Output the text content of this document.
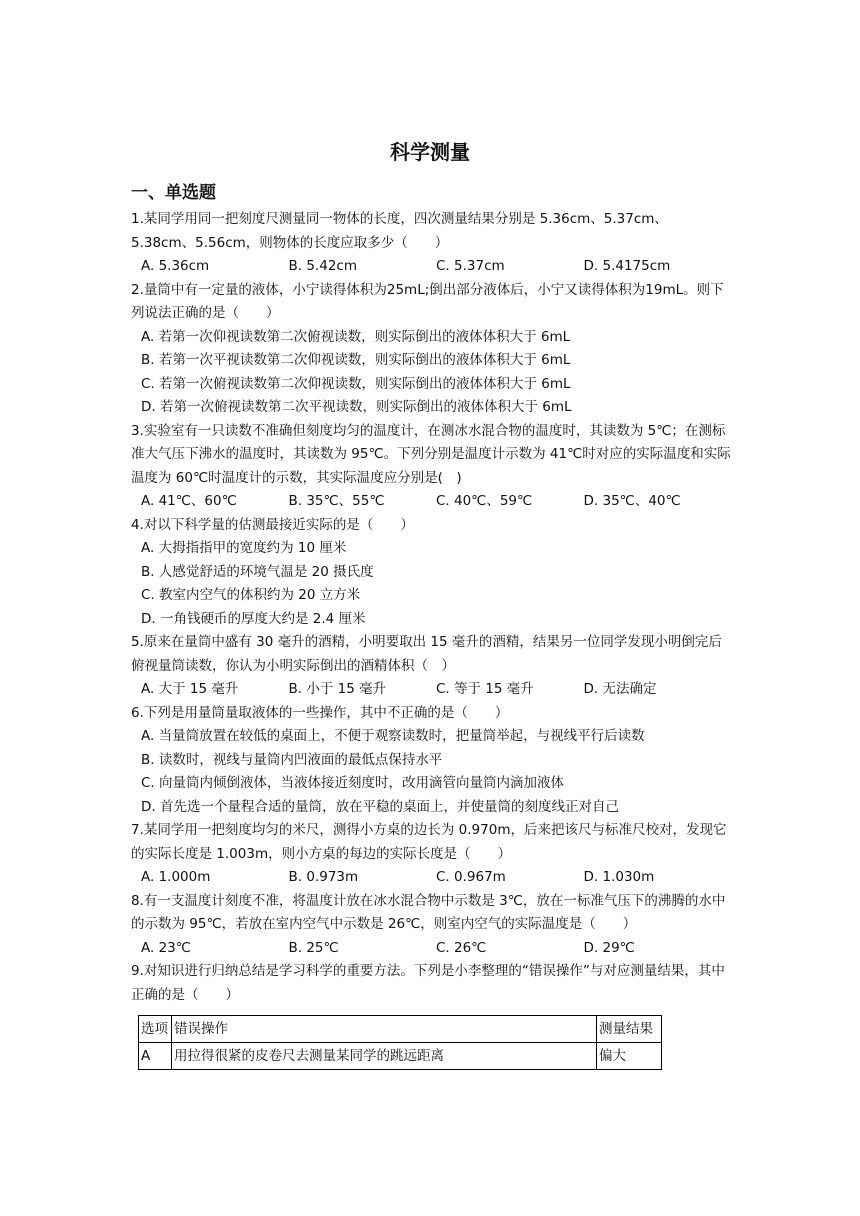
科学测量
一、单选题
1.某同学用同一把刻度尺测量同一物体的长度，四次测量结果分别是 5.36cm、5.37cm、5.38cm、5.56cm，则物体的长度应取多少（　　）
A. 5.36cm	B. 5.42cm	C. 5.37cm	D. 5.4175cm
2.量筒中有一定量的液体，小宁读得体积为25mL;倒出部分液体后，小宁又读得体积为19mL。则下列说法正确的是（　　）
A. 若第一次仰视读数第二次俯视读数，则实际倒出的液体体积大于 6mL
B. 若第一次平视读数第二次仰视读数，则实际倒出的液体体积大于 6mL
C. 若第一次俯视读数第二次仰视读数，则实际倒出的液体体积大于 6mL
D. 若第一次俯视读数第二次平视读数，则实际倒出的液体体积大于 6mL
3.实验室有一只读数不准确但刻度均匀的温度计，在测冰水混合物的温度时，其读数为 5℃；在测标准大气压下沸水的温度时，其读数为 95℃。下列分别是温度计示数为 41℃时对应的实际温度和实际温度为 60℃时温度计的示数，其实际温度应分别是(　)
A. 41℃、60℃	B. 35℃、55℃	C. 40℃、59℃	D. 35℃、40℃
4.对以下科学量的估测最接近实际的是（　　）
A. 大拇指指甲的宽度约为 10 厘米
B. 人感觉舒适的环境气温是 20 摄氏度
C. 教室内空气的体积约为 20 立方米
D. 一角钱硬币的厚度大约是 2.4 厘米
5.原来在量筒中盛有 30 毫升的酒精，小明要取出 15 毫升的酒精，结果另一位同学发现小明倒完后俯视量筒读数，你认为小明实际倒出的酒精体积（　）
A. 大于 15 毫升	B. 小于 15 毫升	C. 等于 15 毫升	D. 无法确定
6.下列是用量筒量取液体的一些操作，其中不正确的是（　　）
A. 当量筒放置在较低的桌面上，不便于观察读数时，把量筒举起，与视线平行后读数
B. 读数时，视线与量筒内凹液面的最低点保持水平
C. 向量筒内倾倒液体，当液体接近刻度时，改用滴管向量筒内滴加液体
D. 首先选一个量程合适的量筒，放在平稳的桌面上，并使量筒的刻度线正对自己
7.某同学用一把刻度均匀的米尺，测得小方桌的边长为 0.970m，后来把该尺与标准尺校对，发现它的实际长度是 1.003m，则小方桌的每边的实际长度是（　　）
A. 1.000m	B. 0.973m	C. 0.967m	D. 1.030m
8.有一支温度计刻度不准，将温度计放在冰水混合物中示数是 3℃，放在一标准气压下的沸腾的水中的示数为 95℃，若放在室内空气中示数是 26℃，则室内空气的实际温度是（　　）
A. 23℃	B. 25℃	C. 26℃	D. 29℃
9.对知识进行归纳总结是学习科学的重要方法。下列是小李整理的“错误操作”与对应测量结果，其中正确的是（　　）
选项	错误操作	测量结果
A	用拉得很紧的皮卷尺去测量某同学的跳远距离	偏大
